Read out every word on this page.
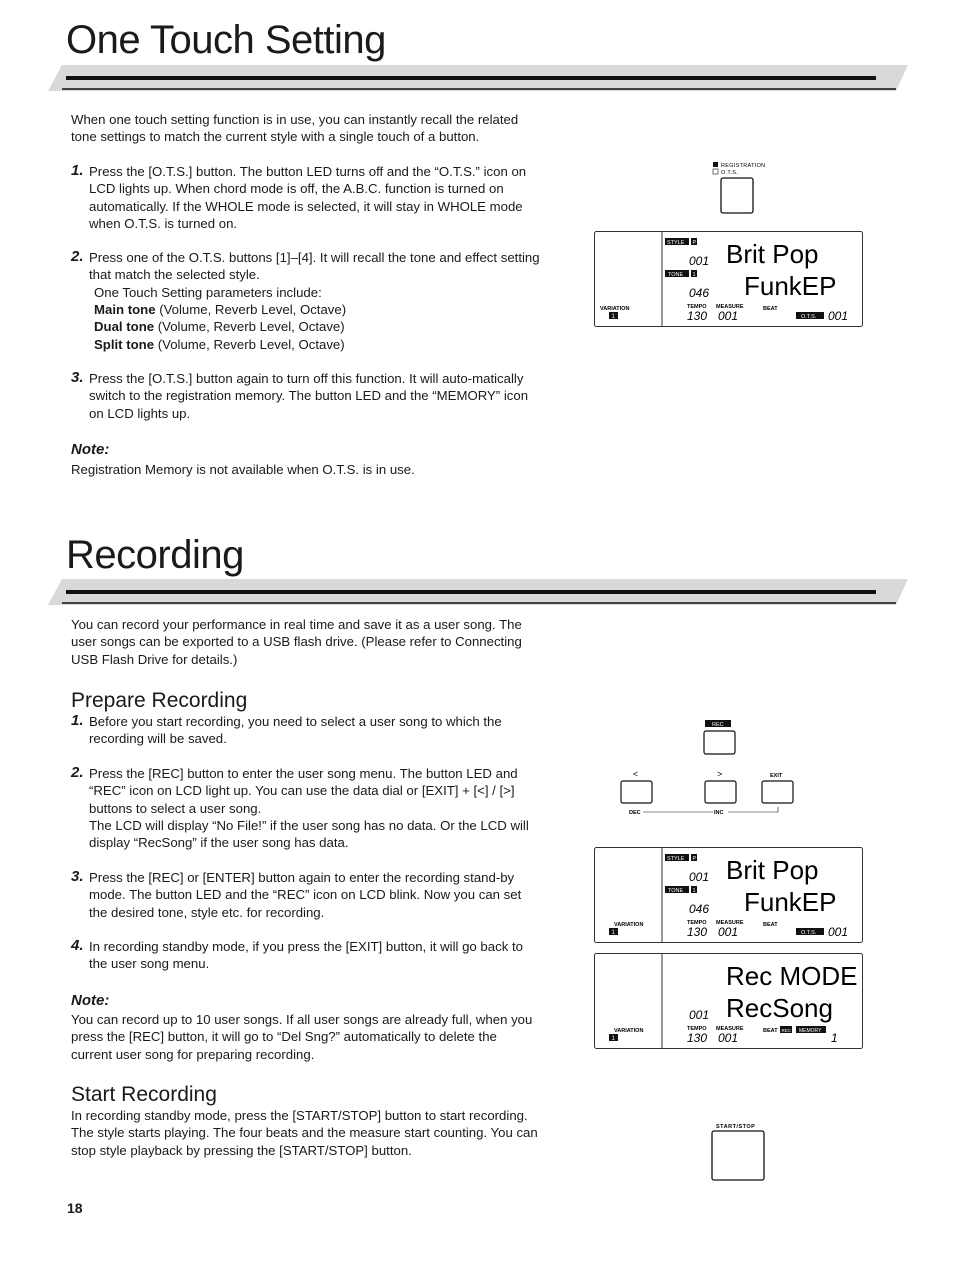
One Touch Setting
When one touch setting function is in use, you can instantly recall the related tone settings to match the current style with a single touch of a button.
1. Press the [O.T.S.] button. The button LED turns off and the “O.T.S.” icon on LCD lights up. When chord mode is off, the A.B.C. function is turned on automatically. If the WHOLE mode is selected, it will stay in WHOLE mode when O.T.S. is turned on.
2. Press one of the O.T.S. buttons [1]–[4]. It will recall the tone and effect setting that match the selected style.
One Touch Setting parameters include:
Main tone (Volume, Reverb Level, Octave)
Dual tone (Volume, Reverb Level, Octave)
Split tone (Volume, Reverb Level, Octave)
3. Press the [O.T.S.] button again to turn off this function. It will auto-matically switch to the registration memory. The button LED and the “MEMORY” icon on LCD lights up.
Note:
Registration Memory is not available when O.T.S. is in use.
REGISTRATION
O.T.S.
VARIATION
1
STYLE P
001 Brit Pop
TONE 1
046 FunkEP
TEMPO MEASURE	BEAT
130 001	O.T.S. 001
Recording
You can record your performance in real time and save it as a user song. The user songs can be exported to a USB flash drive. (Please refer to Connecting USB Flash Drive for details.)
Prepare Recording
1. Before you start recording, you need to select a user song to which the recording will be saved.
2. Press the [REC] button to enter the user song menu. The button LED and “REC” icon on LCD light up. You can use the data dial or [EXIT] + [<] / [>] buttons to select a user song.
The LCD will display “No File!” if the user song has no data. Or the LCD will display “RecSong” if the user song has data.
3. Press the [REC] or [ENTER] button again to enter the recording stand-by mode. The button LED and the “REC” icon on LCD blink. Now you can set the desired tone, style etc. for recording.
4. In recording standby mode, if you press the [EXIT] button, it will go back to the user song menu.
Note:
You can record up to 10 user songs. If all user songs are already full, when you press the [REC] button, it will go to “Del Sng?” automatically to delete the current user song for preparing recording.
Start Recording
In recording standby mode, press the [START/STOP] button to start recording. The style starts playing. The four beats and the measure start counting. You can stop style playback by pressing the [START/STOP] button.
REC
<	>	EXIT
DEC	INC
VARIATION
1
STYLE P
001 Brit Pop
TONE 1
046 FunkEP
TEMPO MEASURE	BEAT
130 001	O.T.S. 001
VARIATION
1
Rec MODE
001 RecSong
TEMPO MEASURE	BEAT REC MEMORY
130 001	1
START/STOP
18
